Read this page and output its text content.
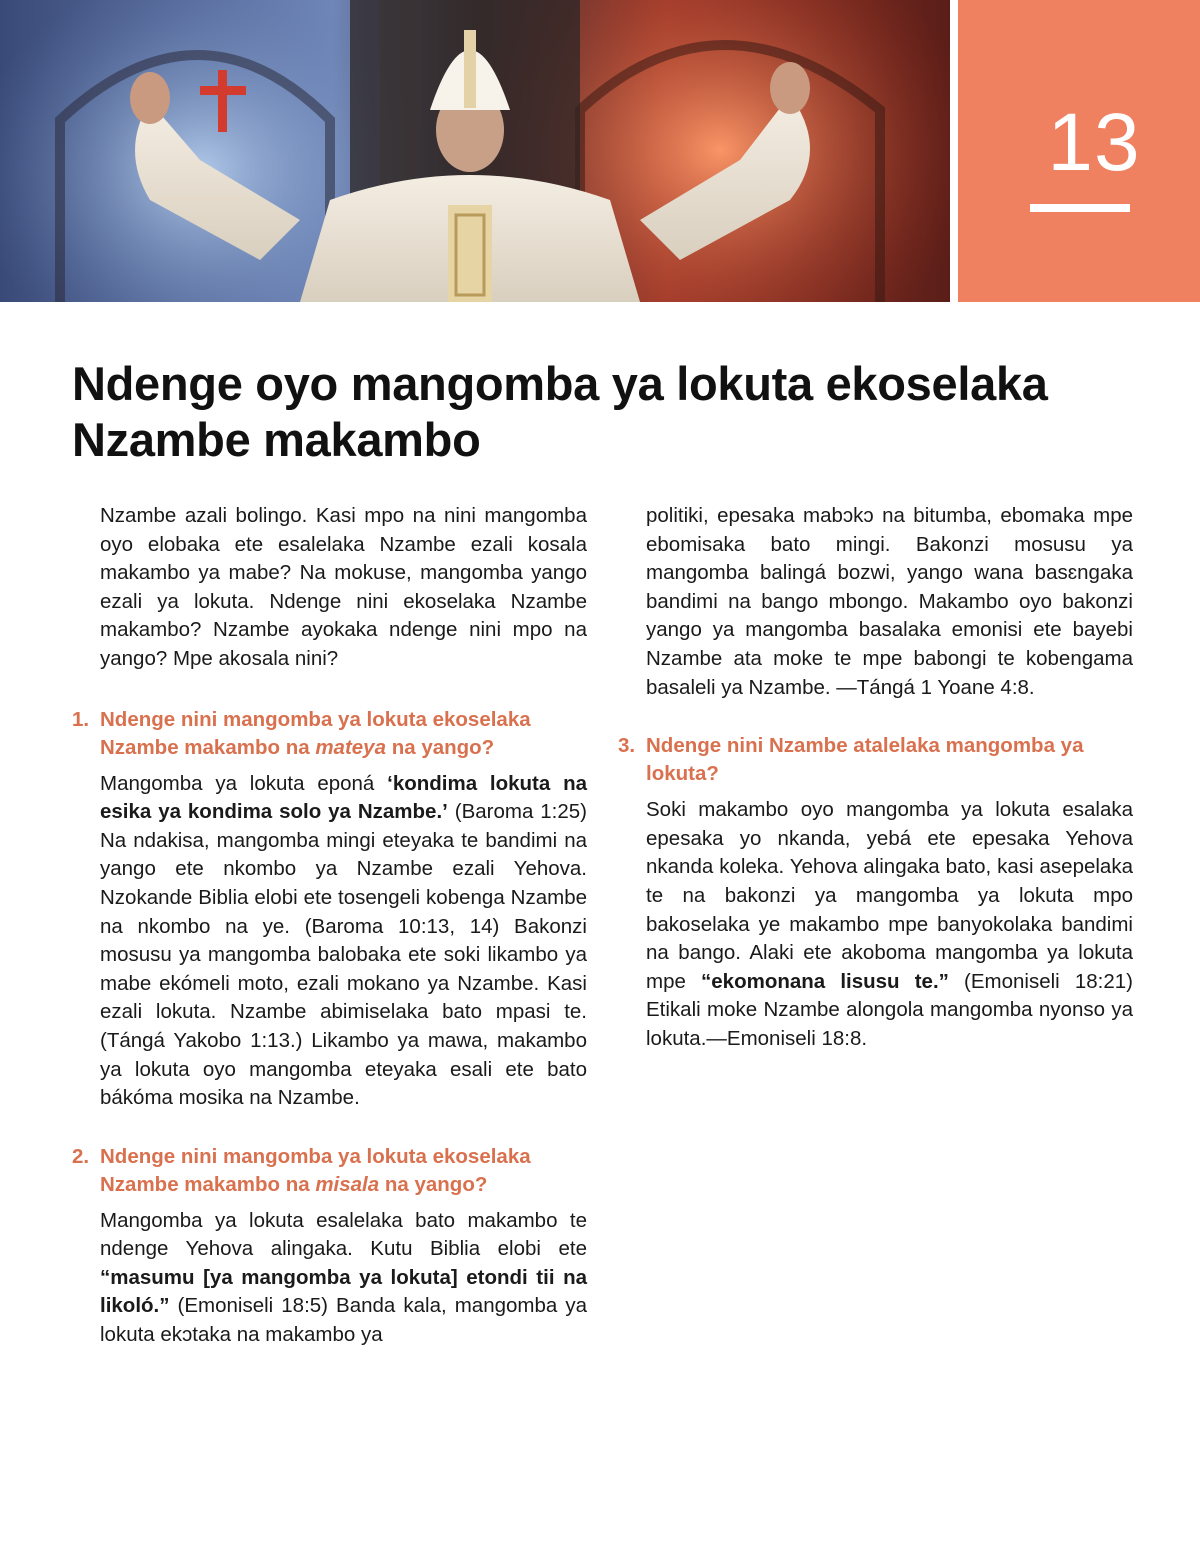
13
Ndenge oyo mangomba ya lokuta ekoselaka Nzambe makambo

Nzambe azali bolingo. Kasi mpo na nini mangomba oyo elobaka ete esalelaka Nzambe ezali kosala makambo ya mabe? Na mokuse, mangomba yango ezali ya lokuta. Ndenge nini ekoselaka Nzambe makambo? Nzambe ayokaka ndenge nini mpo na yango? Mpe akosala nini?

1. Ndenge nini mangomba ya lokuta ekoselaka Nzambe makambo na mateya na yango?

Mangomba ya lokuta eponá ‘kondima lokuta na esika ya kondima solo ya Nzambe.’ (Baroma 1:25) Na ndakisa, mangomba mingi eteyaka te bandimi na yango ete nkombo ya Nzambe ezali Yehova. Nzokande Biblia elobi ete tosengeli kobenga Nzambe na nkombo na ye. (Baroma 10:13, 14) Bakonzi mosusu ya mangomba balobaka ete soki likambo ya mabe ekómeli moto, ezali mokano ya Nzambe. Kasi ezali lokuta. Nzambe abimiselaka bato mpasi te. (Tángá Yakobo 1:13.) Likambo ya mawa, makambo ya lokuta oyo mangomba eteyaka esali ete bato bákóma mosika na Nzambe.

2. Ndenge nini mangomba ya lokuta ekoselaka Nzambe makambo na misala na yango?

Mangomba ya lokuta esalelaka bato makambo te ndenge Yehova alingaka. Kutu Biblia elobi ete “masumu [ya mangomba ya lokuta] etondi tii na likoló.” (Emoniseli 18:5) Banda kala, mangomba ya lokuta ekɔtaka na makambo ya

politiki, epesaka mabɔkɔ na bitumba, ebomaka mpe ebomisaka bato mingi. Bakonzi mosusu ya mangomba balingá bozwi, yango wana basɛngaka bandimi na bango mbongo. Makambo oyo bakonzi yango ya mangomba basalaka emonisi ete bayebi Nzambe ata moke te mpe babongi te kobengama basaleli ya Nzambe. —Tángá 1 Yoane 4:8.

3. Ndenge nini Nzambe atalelaka mangomba ya lokuta?

Soki makambo oyo mangomba ya lokuta esalaka epesaka yo nkanda, yebá ete epesaka Yehova nkanda koleka. Yehova alingaka bato, kasi asepelaka te na bakonzi ya mangomba ya lokuta mpo bakoselaka ye makambo mpe banyokolaka bandimi na bango. Alaki ete akoboma mangomba ya lokuta mpe “ekomonana lisusu te.” (Emoniseli 18:21) Etikali moke Nzambe alongola mangomba nyonso ya lokuta.—Emoniseli 18:8.
